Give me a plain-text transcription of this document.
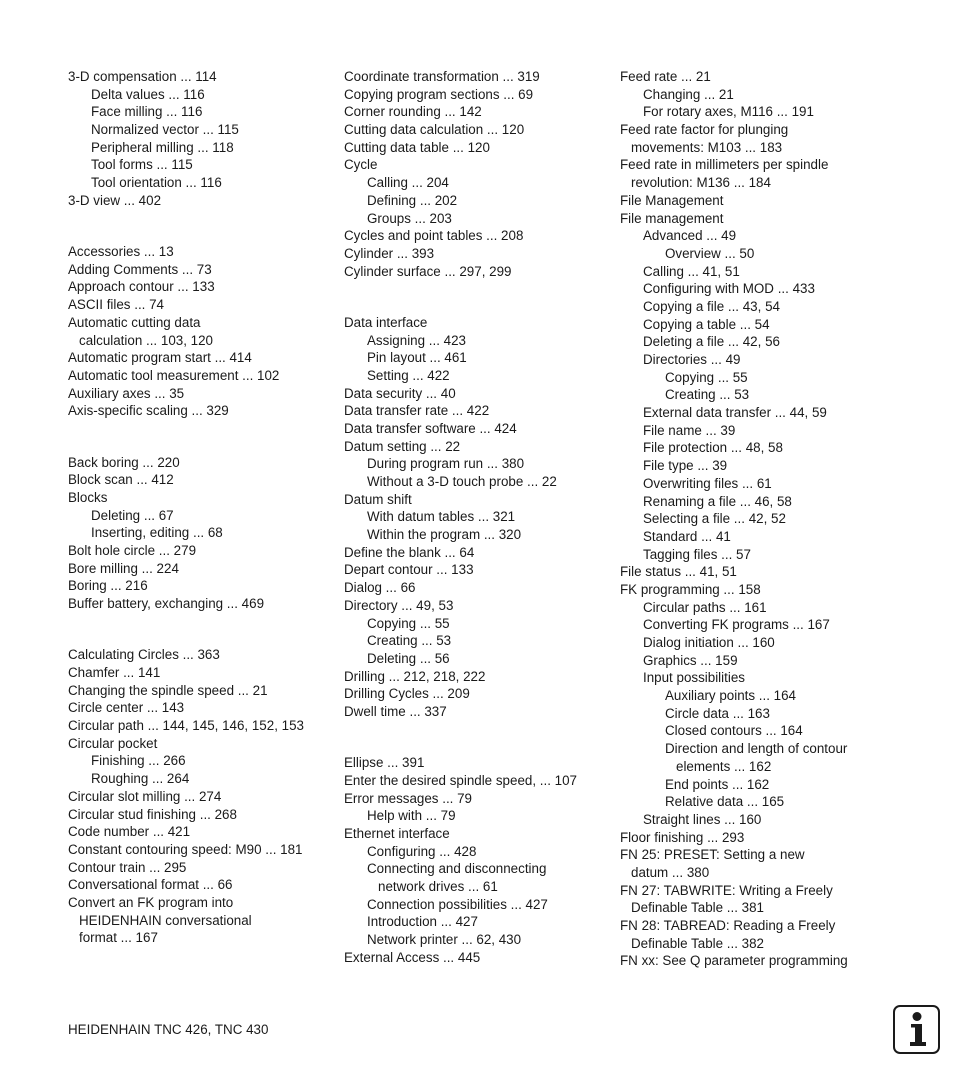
3-D compensation ... 114
Delta values ... 116
Face milling ... 116
Normalized vector ... 115
Peripheral milling ... 118
Tool forms ... 115
Tool orientation ... 116
3-D view ... 402
Accessories ... 13
Adding Comments ... 73
Approach contour ... 133
ASCII files ... 74
Automatic cutting data
calculation ... 103, 120
Automatic program start ... 414
Automatic tool measurement ... 102
Auxiliary axes ... 35
Axis-specific scaling ... 329
Back boring ... 220
Block scan ... 412
Blocks
Deleting ... 67
Inserting, editing ... 68
Bolt hole circle ... 279
Bore milling ... 224
Boring ... 216
Buffer battery, exchanging ... 469
Calculating Circles ... 363
Chamfer ... 141
Changing the spindle speed ... 21
Circle center ... 143
Circular path ... 144, 145, 146, 152, 153
Circular pocket
Finishing ... 266
Roughing ... 264
Circular slot milling ... 274
Circular stud finishing ... 268
Code number ... 421
Constant contouring speed: M90 ... 181
Contour train ... 295
Conversational format ... 66
Convert an FK program into
HEIDENHAIN conversational
format ... 167
Coordinate transformation ... 319
Copying program sections ... 69
Corner rounding ... 142
Cutting data calculation ... 120
Cutting data table ... 120
Cycle
Calling ... 204
Defining ... 202
Groups ... 203
Cycles and point tables ... 208
Cylinder ... 393
Cylinder surface ... 297, 299
Data interface
Assigning ... 423
Pin layout ... 461
Setting ... 422
Data security ... 40
Data transfer rate ... 422
Data transfer software ... 424
Datum setting ... 22
During program run ... 380
Without a 3-D touch probe ... 22
Datum shift
With datum tables ... 321
Within the program ... 320
Define the blank ... 64
Depart contour ... 133
Dialog ... 66
Directory ... 49, 53
Copying ... 55
Creating ... 53
Deleting ... 56
Drilling ... 212, 218, 222
Drilling Cycles ... 209
Dwell time ... 337
Ellipse ... 391
Enter the desired spindle speed, ... 107
Error messages ... 79
Help with ... 79
Ethernet interface
Configuring ... 428
Connecting and disconnecting
network drives ... 61
Connection possibilities ... 427
Introduction ... 427
Network printer ... 62, 430
External Access ... 445
Feed rate ... 21
Changing ... 21
For rotary axes, M116 ... 191
Feed rate factor for plunging
movements: M103 ... 183
Feed rate in millimeters per spindle
revolution: M136 ... 184
File Management
File management
Advanced ... 49
Overview ... 50
Calling ... 41, 51
Configuring with MOD ... 433
Copying a file ... 43, 54
Copying a table ... 54
Deleting a file ... 42, 56
Directories ... 49
Copying ... 55
Creating ... 53
External data transfer ... 44, 59
File name ... 39
File protection ... 48, 58
File type ... 39
Overwriting files ... 61
Renaming a file ... 46, 58
Selecting a file ... 42, 52
Standard ... 41
Tagging files ... 57
File status ... 41, 51
FK programming ... 158
Circular paths ... 161
Converting FK programs ... 167
Dialog initiation ... 160
Graphics ... 159
Input possibilities
Auxiliary points ... 164
Circle data ... 163
Closed contours ... 164
Direction and length of contour
elements ... 162
End points ... 162
Relative data ... 165
Straight lines ... 160
Floor finishing ... 293
FN 25: PRESET: Setting a new
datum ... 380
FN 27: TABWRITE: Writing a Freely
Definable Table ... 381
FN 28: TABREAD: Reading a Freely
Definable Table ... 382
FN xx: See Q parameter programming
HEIDENHAIN TNC 426, TNC 430
